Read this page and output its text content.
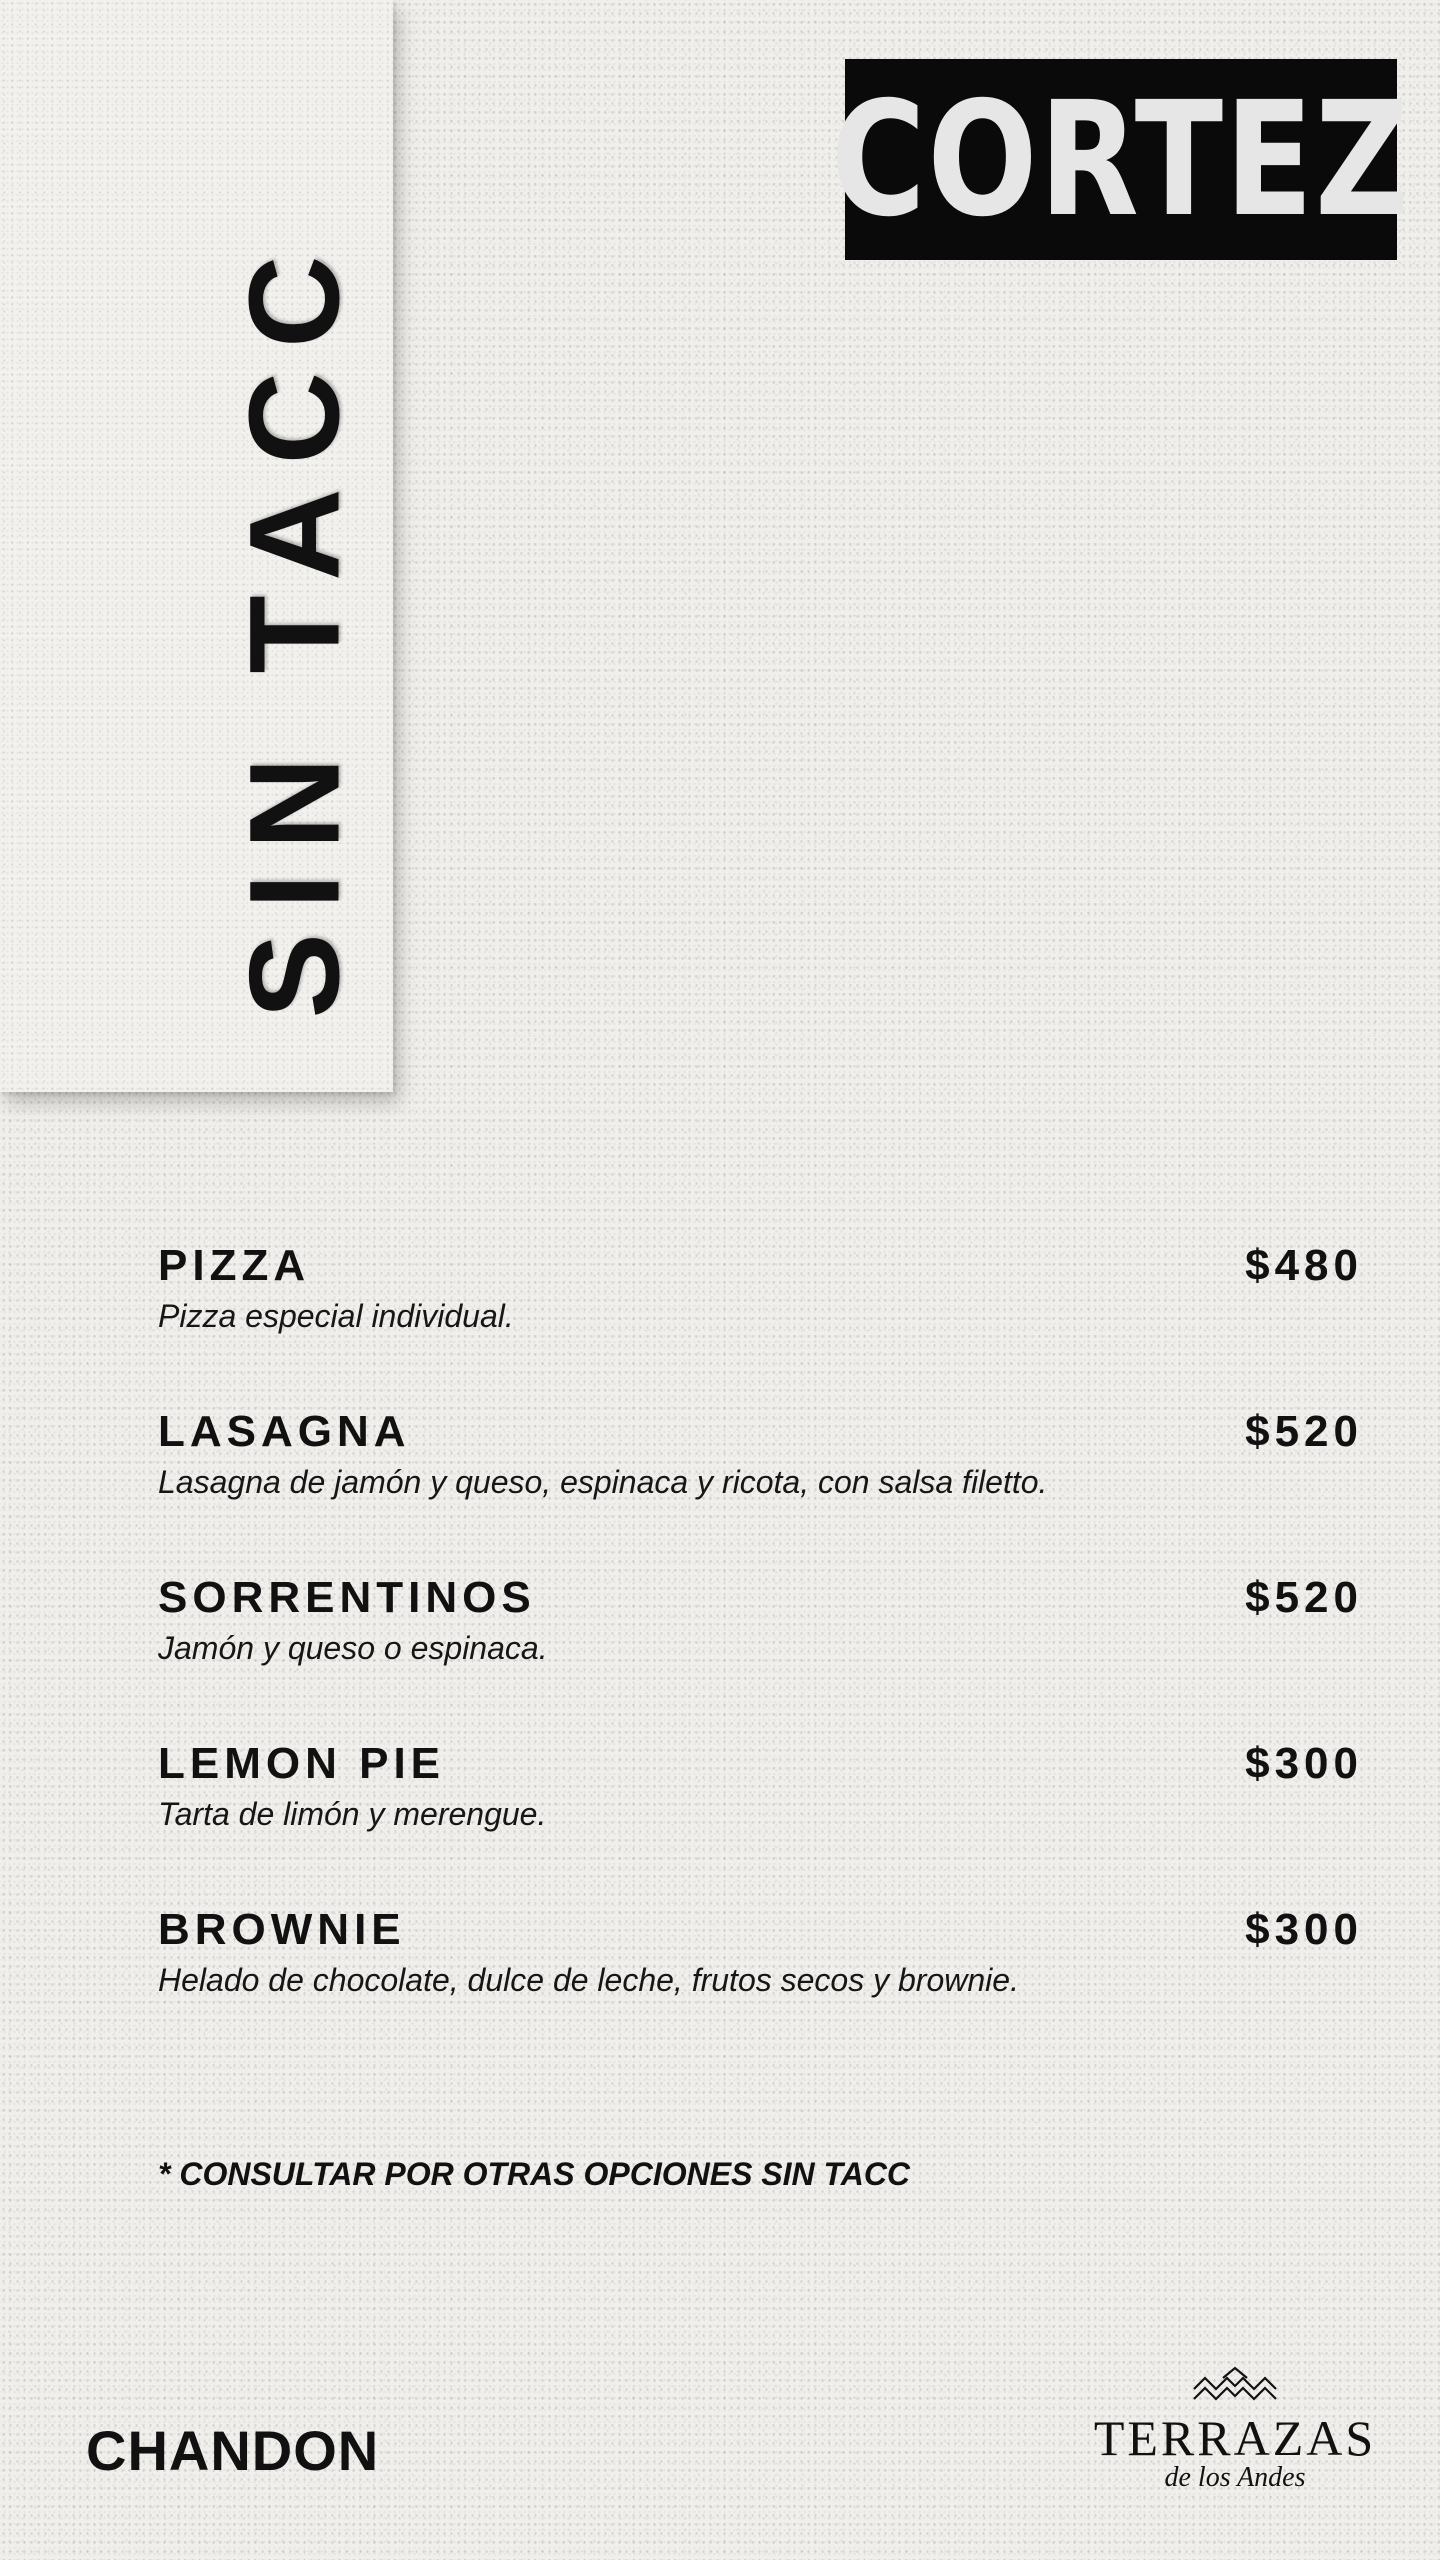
SIN TACC
CORTEZ
PIZZA	$480
Pizza especial individual.
LASAGNA	$520
Lasagna de jamón y queso, espinaca y ricota, con salsa filetto.
SORRENTINOS	$520
Jamón y queso o espinaca.
LEMON PIE	$300
Tarta de limón y merengue.
BROWNIE	$300
Helado de chocolate, dulce de leche, frutos secos y brownie.
* CONSULTAR POR OTRAS OPCIONES SIN TACC
CHANDON	TERRAZAS
de los Andes
